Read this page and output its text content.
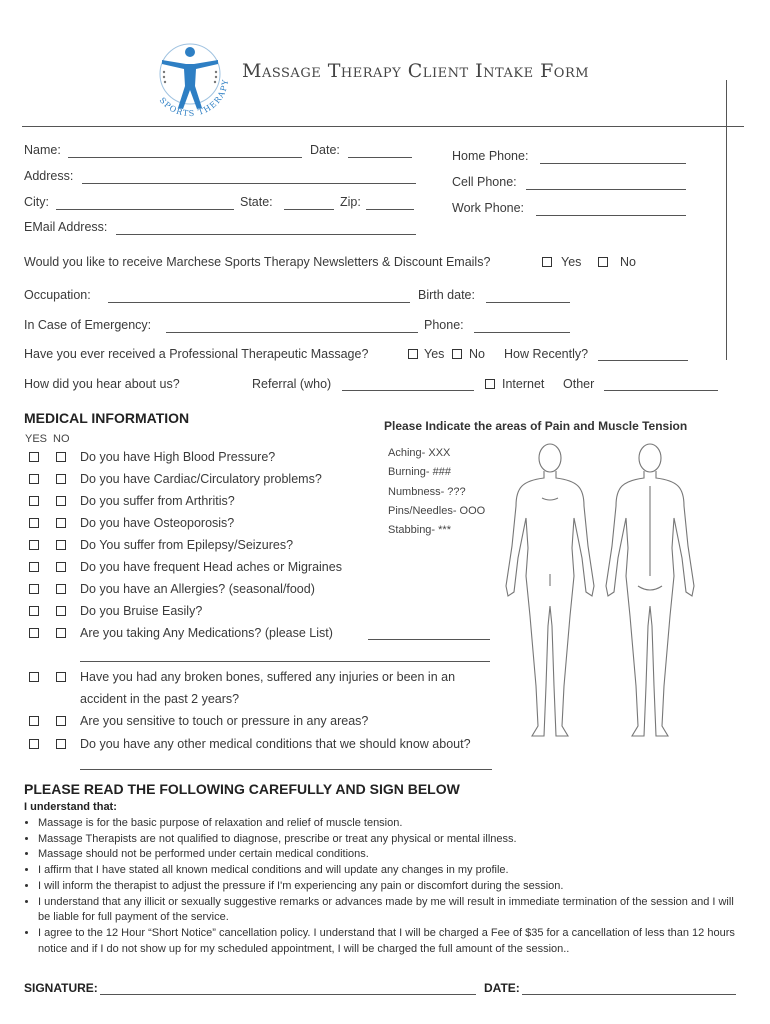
SPORTS THERAPY
Massage Therapy Client Intake Form
Name:	Date:
Address:
City:	State:	Zip:
EMail Address:
Home Phone:
Cell Phone:
Work Phone:
Would you like to receive Marchese Sports Therapy Newsletters & Discount Emails?	Yes	No
Occupation:	Birth date:
In Case of Emergency:	Phone:
Have you ever received a Professional Therapeutic Massage?	Yes No How Recently?
How did you hear about us?	Referral (who)	Internet Other
MEDICAL INFORMATION
YES NO
Do you have High Blood Pressure?
Do you have Cardiac/Circulatory problems?
Do you suffer from Arthritis?
Do you have Osteoporosis?
Do You suffer from Epilepsy/Seizures?
Do you have frequent Head aches or Migraines
Do you have an Allergies? (seasonal/food)
Do you Bruise Easily?
Are you taking Any Medications? (please List)
Have you had any broken bones, suffered any injuries or been in an
accident in the past 2 years?
Are you sensitive to touch or pressure in any areas?
Do you have any other medical conditions that we should know about?
Please Indicate the areas of Pain and Muscle Tension
Aching- XXX
Burning- ###
Numbness- ???
Pins/Needles- OOO
Stabbing- ***
PLEASE READ THE FOLLOWING CAREFULLY AND SIGN BELOW
I understand that:
• Massage is for the basic purpose of relaxation and relief of muscle tension.
• Massage Therapists are not qualified to diagnose, prescribe or treat any physical or mental illness.
• Massage should not be performed under certain medical conditions.
• I affirm that I have stated all known medical conditions and will update any changes in my profile.
• I will inform the therapist to adjust the pressure if I'm experiencing any pain or discomfort during the session.
• I understand that any illicit or sexually suggestive remarks or advances made by me will result in immediate termination of the session and I will be liable for full payment of the service.
• I agree to the 12 Hour “Short Notice” cancellation policy. I understand that I will be charged a Fee of $35 for a cancellation of less than 12 hours notice and if I do not show up for my scheduled appointment, I will be charged the full amount of the session..
SIGNATURE:	DATE:
